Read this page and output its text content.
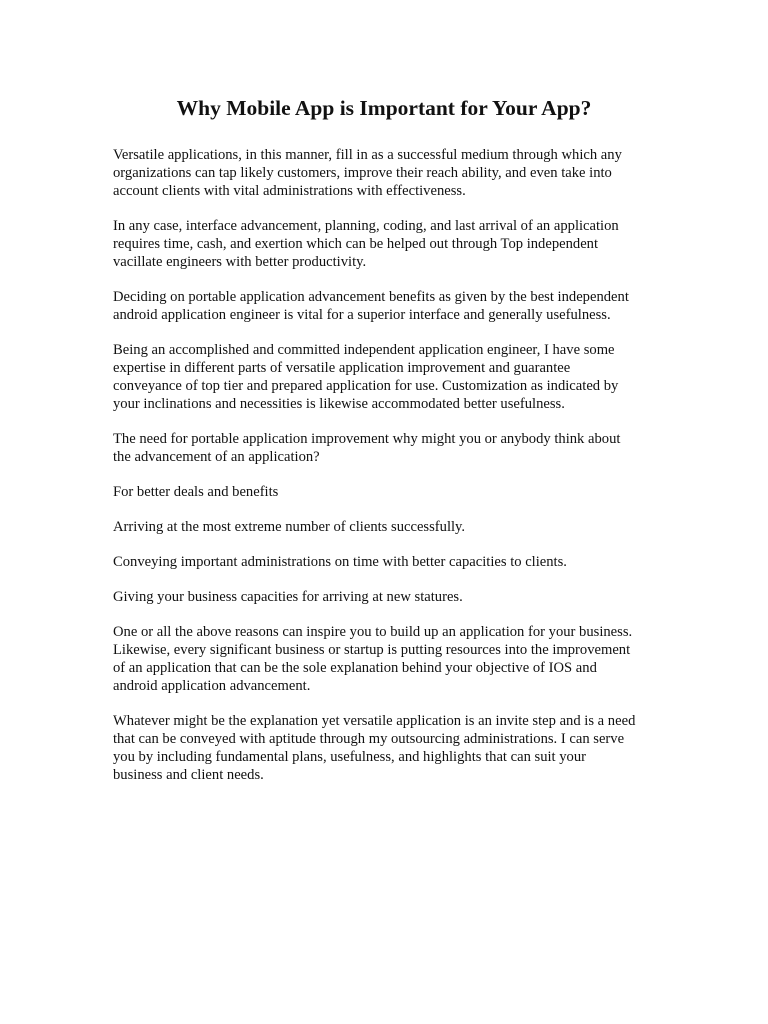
Why Mobile App is Important for Your App?

Versatile applications, in this manner, fill in as a successful medium through which any
organizations can tap likely customers, improve their reach ability, and even take into
account clients with vital administrations with effectiveness.

In any case, interface advancement, planning, coding, and last arrival of an application
requires time, cash, and exertion which can be helped out through Top independent
vacillate engineers with better productivity.

Deciding on portable application advancement benefits as given by the best independent
android application engineer is vital for a superior interface and generally usefulness.

Being an accomplished and committed independent application engineer, I have some
expertise in different parts of versatile application improvement and guarantee
conveyance of top tier and prepared application for use. Customization as indicated by
your inclinations and necessities is likewise accommodated better usefulness.

The need for portable application improvement why might you or anybody think about
the advancement of an application?

For better deals and benefits

Arriving at the most extreme number of clients successfully.

Conveying important administrations on time with better capacities to clients.

Giving your business capacities for arriving at new statures.

One or all the above reasons can inspire you to build up an application for your business.
Likewise, every significant business or startup is putting resources into the improvement
of an application that can be the sole explanation behind your objective of IOS and
android application advancement.

Whatever might be the explanation yet versatile application is an invite step and is a need
that can be conveyed with aptitude through my outsourcing administrations. I can serve
you by including fundamental plans, usefulness, and highlights that can suit your
business and client needs.
